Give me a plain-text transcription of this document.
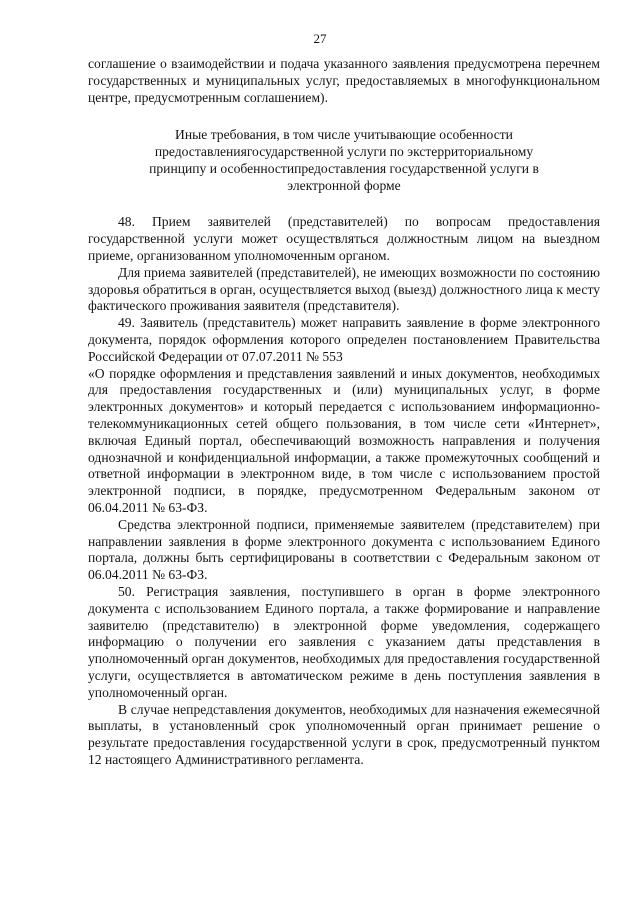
27

соглашение о взаимодействии и подача указанного заявления предусмотрена перечнем государственных и муниципальных услуг, предоставляемых в многофункциональном центре, предусмотренным соглашением).

Иные требования, в том числе учитывающие особенности предоставлениягосударственной услуги по экстерриториальному принципу и особенностипредоставления государственной услуги в электронной форме

48. Прием заявителей (представителей) по вопросам предоставления государственной услуги может осуществляться должностным лицом на выездном приеме, организованном уполномоченным органом.

Для приема заявителей (представителей), не имеющих возможности по состоянию здоровья обратиться в орган, осуществляется выход (выезд) должностного лица к месту фактического проживания заявителя (представителя).

49. Заявитель (представитель) может направить заявление в форме электронного документа, порядок оформления которого определен постановлением Правительства Российской Федерации от 07.07.2011 № 553

«О порядке оформления и представления заявлений и иных документов, необходимых для предоставления государственных и (или) муниципальных услуг, в форме электронных документов» и который передается с использованием информационно-телекоммуникационных сетей общего пользования, в том числе сети «Интернет», включая Единый портал, обеспечивающий возможность направления и получения однозначной и конфиденциальной информации, а также промежуточных сообщений и ответной информации в электронном виде, в том числе с использованием простой электронной подписи, в порядке, предусмотренном Федеральным законом от 06.04.2011 № 63-ФЗ.

Средства электронной подписи, применяемые заявителем (представителем) при направлении заявления в форме электронного документа с использованием Единого портала, должны быть сертифицированы в соответствии с Федеральным законом от 06.04.2011 № 63-ФЗ.

50. Регистрация заявления, поступившего в орган в форме электронного документа с использованием Единого портала, а также формирование и направление заявителю (представителю) в электронной форме уведомления, содержащего информацию о получении его заявления с указанием даты представления в уполномоченный орган документов, необходимых для предоставления государственной услуги, осуществляется в автоматическом режиме в день поступления заявления в уполномоченный орган.

В случае непредставления документов, необходимых для назначения ежемесячной выплаты, в установленный срок уполномоченный орган принимает решение о результате предоставления государственной услуги в срок, предусмотренный пунктом 12 настоящего Административного регламента.
